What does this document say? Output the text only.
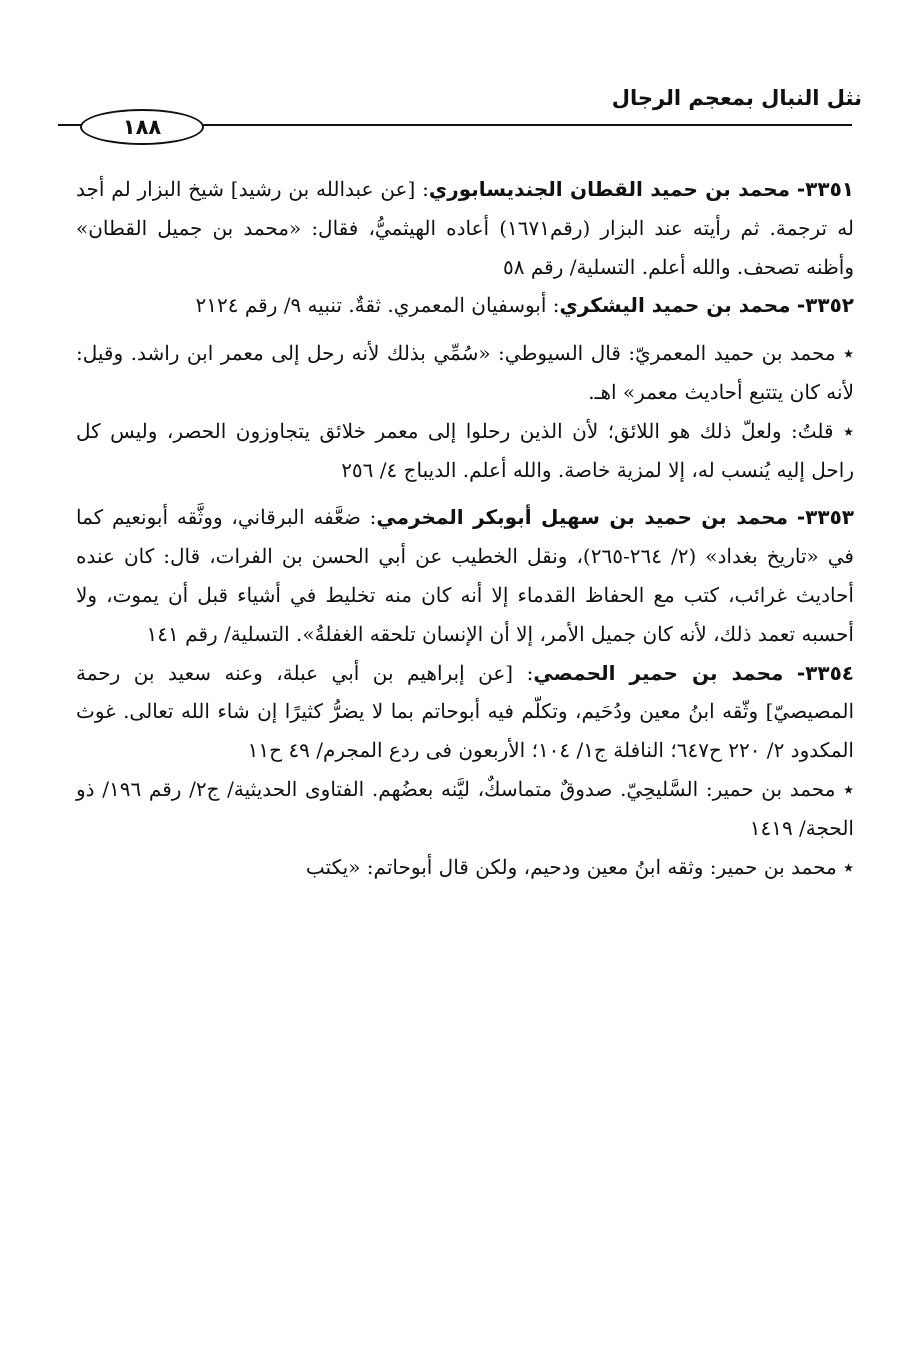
نثل النبال بمعجم الرجال
١٨٨

٣٣٥١- محمد بن حميد القطان الجنديسابوري: [عن عبدالله بن رشيد] شيخ البزار لم أجد له ترجمة. ثم رأيته عند البزار (رقم١٦٧١) أعاده الهيثميُّ، فقال: «محمد بن جميل القطان» وأظنه تصحف. والله أعلم. التسلية/ رقم ٥٨

٣٣٥٢- محمد بن حميد اليشكري: أبوسفيان المعمري. ثقةٌ. تنبيه ٩/ رقم ٢١٢٤

٭ محمد بن حميد المعمريّ: قال السيوطي: «سُمِّي بذلك لأنه رحل إلى معمر ابن راشد. وقيل: لأنه كان يتتبع أحاديث معمر» اهـ.

٭ قلتُ: ولعلّ ذلك هو اللائق؛ لأن الذين رحلوا إلى معمر خلائق يتجاوزون الحصر، وليس كل راحل إليه يُنسب له، إلا لمزية خاصة. والله أعلم. الديباج ٤/ ٢٥٦

٣٣٥٣- محمد بن حميد بن سهيل أبوبكر المخرمي: ضعَّفه البرقاني، ووثَّقه أبونعيم كما في «تاريخ بغداد» (٢/ ٢٦٤-٢٦٥)، ونقل الخطيب عن أبي الحسن بن الفرات، قال: كان عنده أحاديث غرائب، كتب مع الحفاظ القدماء إلا أنه كان منه تخليط في أشياء قبل أن يموت، ولا أحسبه تعمد ذلك، لأنه كان جميل الأمر، إلا أن الإنسان تلحقه الغفلةُ». التسلية/ رقم ١٤١

٣٣٥٤- محمد بن حمير الحمصي: [عن إبراهيم بن أبي عبلة، وعنه سعيد بن رحمة المصيصيّ] وثّقه ابنُ معين ودُحَيم، وتكلّم فيه أبوحاتم بما لا يضرُّ كثيرًا إن شاء الله تعالى. غوث المكدود ٢/ ٢٢٠ ح٦٤٧؛ النافلة ج١/ ١٠٤؛ الأربعون فى ردع المجرم/ ٤٩ ح١١

٭ محمد بن حمير: السَّليحِيّ. صدوقٌ متماسكٌ، ليَّنه بعضُهم. الفتاوى الحديثية/ ج٢/ رقم ١٩٦/ ذو الحجة/ ١٤١٩

٭ محمد بن حمير: وثقه ابنُ معين ودحيم، ولكن قال أبوحاتم: «يكتب
